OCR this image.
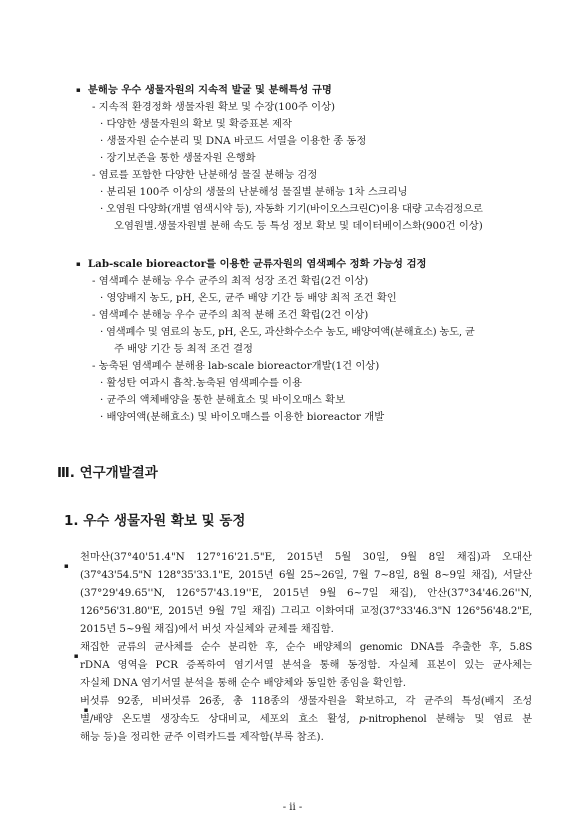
▪ 분해능 우수 생물자원의 지속적 발굴 및 분해특성 규명
- 지속적 환경정화 생물자원 확보 및 수장(100주 이상)
· 다양한 생물자원의 확보 및 확증표본 제작
· 생물자원 순수분리 및 DNA 바코드 서열을 이용한 종 동정
· 장기보존을 통한 생물자원 은행화
- 염료를 포함한 다양한 난분해성 물질 분해능 검정
· 분리된 100주 이상의 생물의 난분해성 물질별 분해능 1차 스크리닝
· 오염원 다양화(개별 염색시약 등), 자동화 기기(바이오스크린C)이용 대량 고속검정으로
오염원별.생물자원별 분해 속도 등 특성 정보 확보 및 데이터베이스화(900건 이상)
▪ Lab-scale bioreactor를 이용한 균류자원의 염색폐수 정화 가능성 검정
- 염색폐수 분해능 우수 균주의 최적 성장 조건 확립(2건 이상)
· 영양배지 농도, pH, 온도, 균주 배양 기간 등 배양 최적 조건 확인
- 염색폐수 분해능 우수 균주의 최적 분해 조건 확립(2건 이상)
· 염색폐수 및 염료의 농도, pH, 온도, 과산화수소수 농도, 배양여액(분해효소) 농도, 균
주 배양 기간 등 최적 조건 결정
- 농축된 염색폐수 분해용 lab-scale bioreactor개발(1건 이상)
· 활성탄 여과시 흡착.농축된 염색폐수를 이용
· 균주의 액체배양을 통한 분해효소 및 바이오매스 확보
· 배양여액(분해효소) 및 바이오매스를 이용한 bioreactor 개발
Ⅲ. 연구개발결과
1. 우수 생물자원 확보 및 동정
$_▪$
천마산(37°40'51.4"N 127°16'21.5"E, 2015년 5월 30일, 9월 8일 채집)과 오대산
(37°43'54.5"N 128°35'33.1"E, 2015년 6월 25~26일, 7월 7~8일, 8월 8~9일 채집), 서달산
(37°29'49.65''N, 126°57'43.19''E, 2015년 9월 6~7일 채집), 안산(37°34'46.26''N,
126°56'31.80''E, 2015년 9월 7일 채집) 그리고 이화여대 교정(37°33'46.3"N 126°56'48.2"E,
2015년 5~9월 채집)에서 버섯 자실체와 균체를 채집함.
$_▪$
채집한 균류의 균사체를 순수 분리한 후, 순수 배양체의 genomic DNA를 추출한 후, 5.8S
rDNA 영역을 PCR 증폭하여 염기서열 분석을 통해 동정함. 자실체 표본이 있는 균사체는
자실체 DNA 염기서열 분석을 통해 순수 배양체와 동일한 종임을 확인함.
$_▪$
버섯류 92종, 비버섯류 26종, 총 118종의 생물자원을 확보하고, 각 균주의 특성(배지 조성
별/배양 온도별 생장속도 상대비교, 세포외 효소 활성, p-nitrophenol 분해능 및 염료 분
해능 등)을 정리한 균주 이력카드를 제작함(부록 참조).
- ii -
